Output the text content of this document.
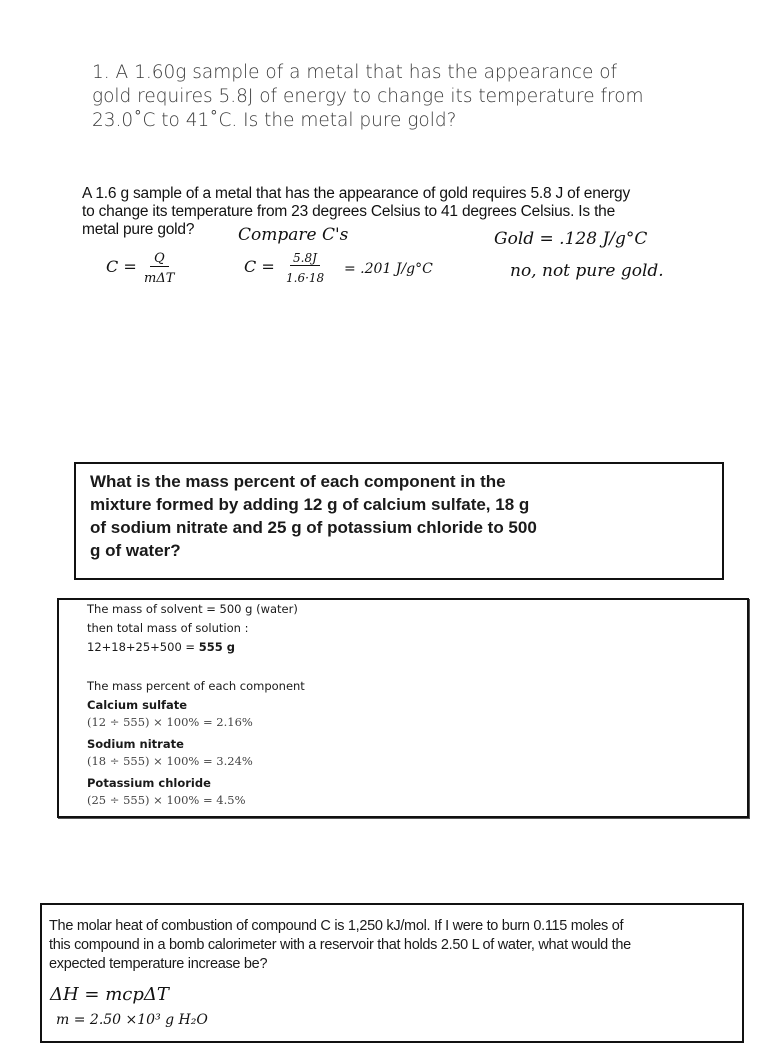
1. A 1.60g sample of a metal that has the appearance of
gold requires 5.8J of energy to change its temperature from
23.0˚C to 41˚C. Is the metal pure gold?
A 1.6 g sample of a metal that has the appearance of gold requires 5.8 J of energy
to change its temperature from 23 degrees Celsius to 41 degrees Celsius. Is the
metal pure gold?	Compare C's	Gold = .128 J/g°C
C =	Q
mΔT
C = 5.8J
1.6·18
= .201 J/g°C	no, not pure gold.
What is the mass percent of each component in the
mixture formed by adding 12 g of calcium sulfate, 18 g
of sodium nitrate and 25 g of potassium chloride to 500
g of water?
The mass of solvent = 500 g (water)
then total mass of solution :
12+18+25+500 = 555 g
The mass percent of each component
Calcium sulfate
(12 ÷ 555) × 100% = 2.16%
Sodium nitrate
(18 ÷ 555) × 100% = 3.24%
Potassium chloride
(25 ÷ 555) × 100% = 4.5%
The molar heat of combustion of compound C is 1,250 kJ/mol. If I were to burn 0.115 moles of
this compound in a bomb calorimeter with a reservoir that holds 2.50 L of water, what would the
expected temperature increase be?
ΔH = mcpΔT
m = 2.50 ×10³ g H₂O
